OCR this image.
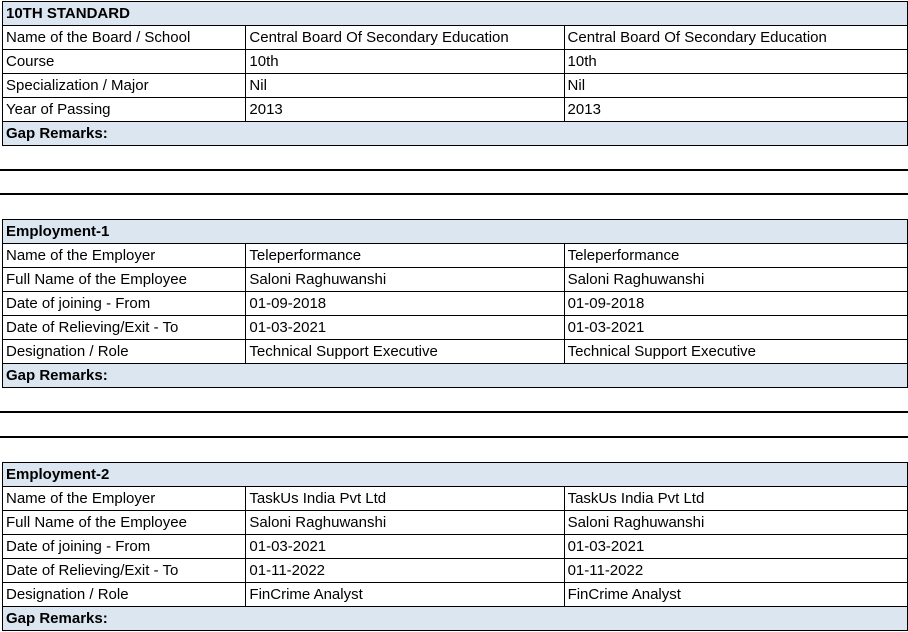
10TH STANDARD		
Name of the Board / School	Central Board Of Secondary Education	Central Board Of Secondary Education
Course	10th	10th
Specialization / Major	Nil	Nil
Year of Passing	2013	2013
Gap Remarks:		
Employment-1		
Name of the Employer	Teleperformance	Teleperformance
Full Name of the Employee	Saloni Raghuwanshi	Saloni Raghuwanshi
Date of joining - From	01-09-2018	01-09-2018
Date of Relieving/Exit - To	01-03-2021	01-03-2021
Designation / Role	Technical Support Executive	Technical Support Executive
Gap Remarks:		
Employment-2		
Name of the Employer	TaskUs India Pvt Ltd	TaskUs India Pvt Ltd
Full Name of the Employee	Saloni Raghuwanshi	Saloni Raghuwanshi
Date of joining - From	01-03-2021	01-03-2021
Date of Relieving/Exit - To	01-11-2022	01-11-2022
Designation / Role	FinCrime Analyst	FinCrime Analyst
Gap Remarks:		
